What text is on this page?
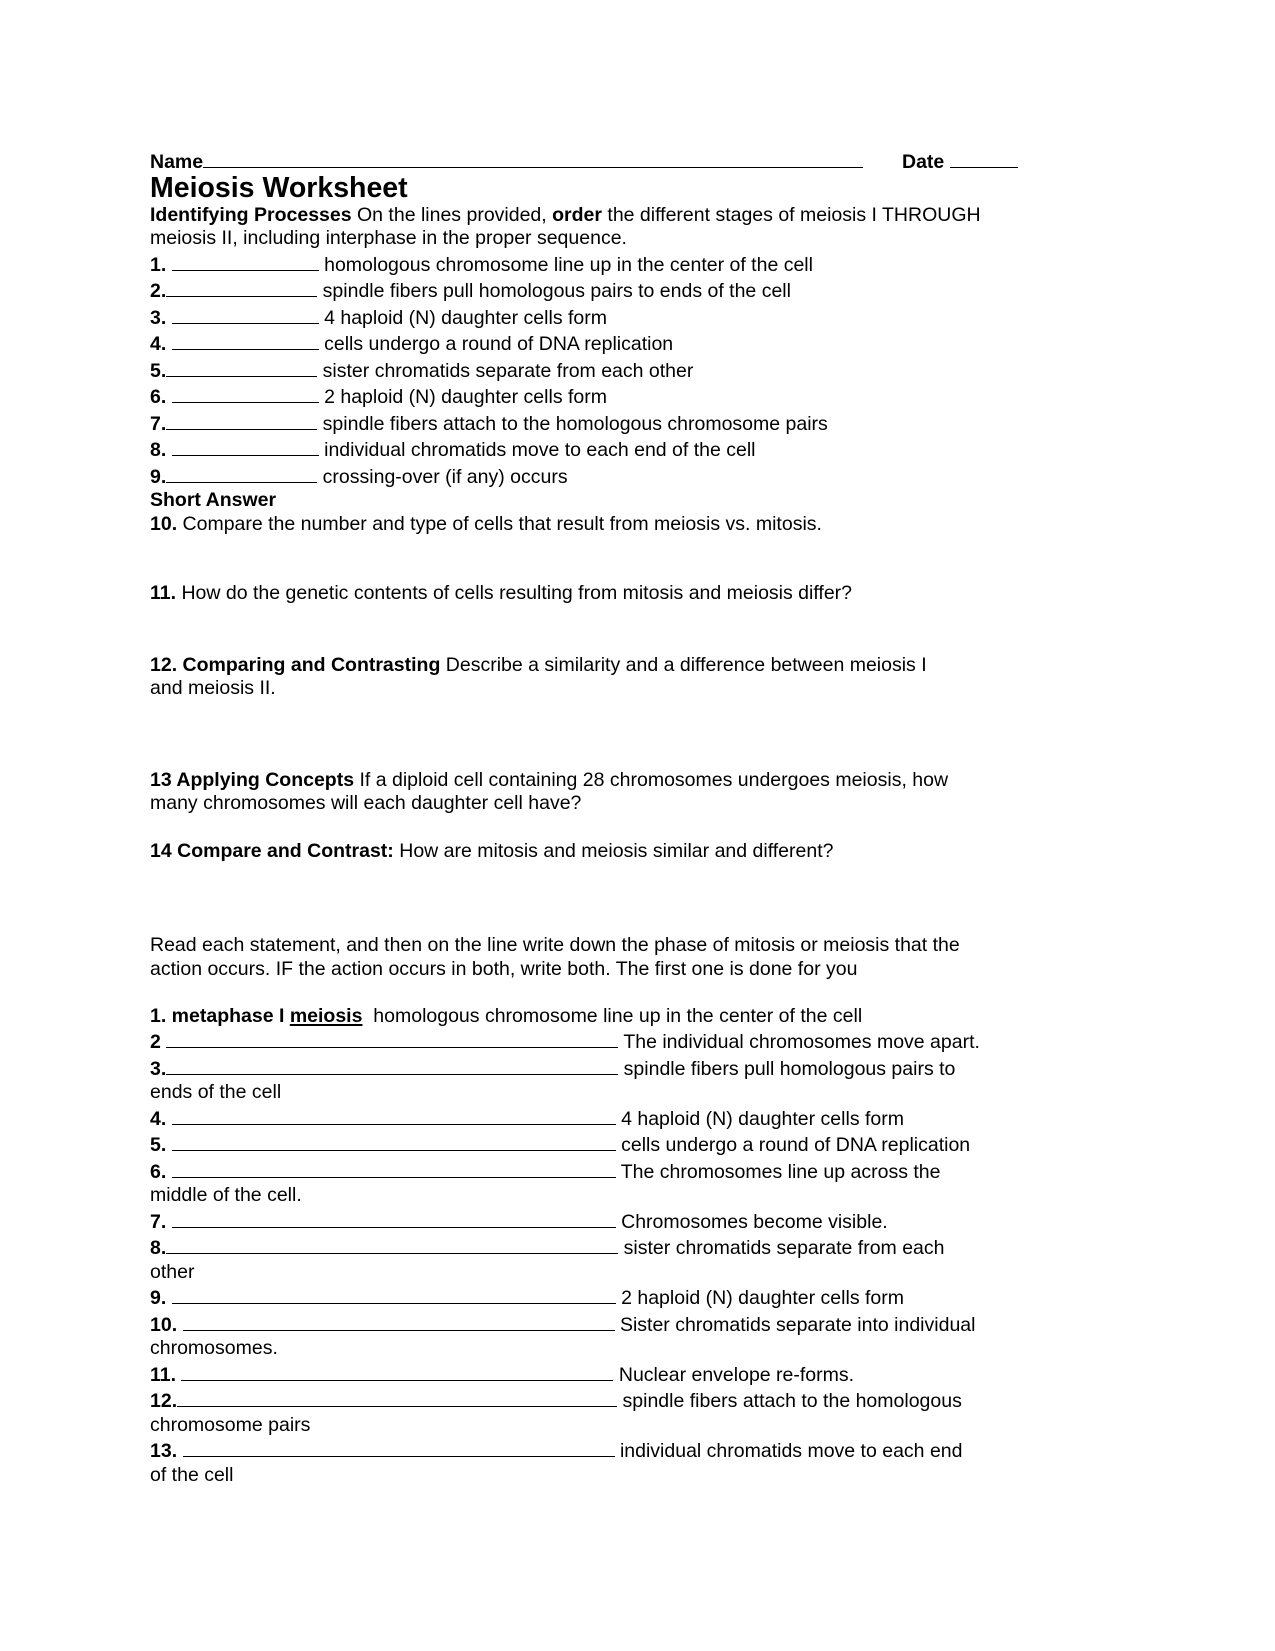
Name	Date
Meiosis Worksheet
Identifying Processes On the lines provided, order the different stages of meiosis I THROUGH meiosis II, including interphase in the proper sequence.
1.	homologous chromosome line up in the center of the cell
2.	spindle fibers pull homologous pairs to ends of the cell
3.	4 haploid (N) daughter cells form
4.	cells undergo a round of DNA replication
5.	sister chromatids separate from each other
6.	2 haploid (N) daughter cells form
7.	spindle fibers attach to the homologous chromosome pairs
8.	individual chromatids move to each end of the cell
9.	crossing-over (if any) occurs
Short Answer
10. Compare the number and type of cells that result from meiosis vs. mitosis.
11. How do the genetic contents of cells resulting from mitosis and meiosis differ?
12. Comparing and Contrasting Describe a similarity and a difference between meiosis I and meiosis II.
13 Applying Concepts If a diploid cell containing 28 chromosomes undergoes meiosis, how many chromosomes will each daughter cell have?
14 Compare and Contrast: How are mitosis and meiosis similar and different?
Read each statement, and then on the line write down the phase of mitosis or meiosis that the action occurs. IF the action occurs in both, write both. The first one is done for you
1. metaphase I meiosis  homologous chromosome line up in the center of the cell
2	The individual chromosomes move apart.
3.	spindle fibers pull homologous pairs to
ends of the cell
4.	4 haploid (N) daughter cells form
5.	cells undergo a round of DNA replication
6.	The chromosomes line up across the
middle of the cell.
7.	Chromosomes become visible.
8.	sister chromatids separate from each
other
9.	2 haploid (N) daughter cells form
10.	Sister chromatids separate into individual
chromosomes.
11.	Nuclear envelope re-forms.
12.	spindle fibers attach to the homologous
chromosome pairs
13.	individual chromatids move to each end
of the cell
